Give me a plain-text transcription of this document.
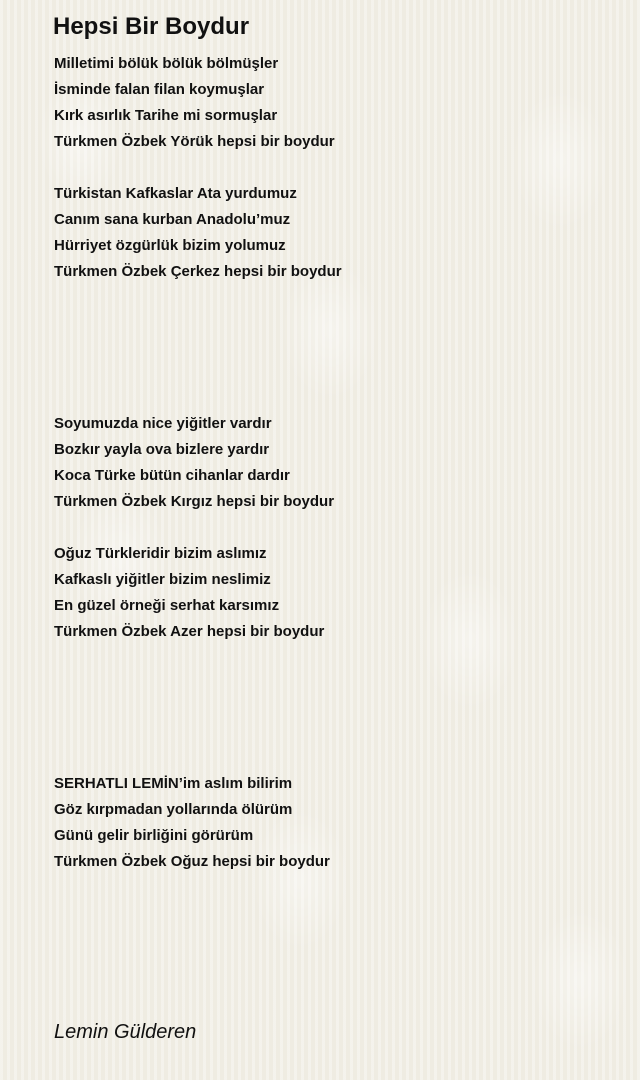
Hepsi Bir Boydur
Milletimi bölük bölük bölmüşler
İsminde falan filan koymuşlar
Kırk asırlık Tarihe mi sormuşlar
Türkmen Özbek Yörük hepsi bir boydur
Türkistan Kafkaslar Ata yurdumuz
Canım sana kurban Anadolu’muz
Hürriyet özgürlük bizim yolumuz
Türkmen Özbek Çerkez hepsi bir boydur
Soyumuzda nice yiğitler vardır
Bozkır yayla ova bizlere yardır
Koca Türke bütün cihanlar dardır
Türkmen Özbek Kırgız hepsi bir boydur
Oğuz Türkleridir bizim aslımız
Kafkaslı yiğitler bizim neslimiz
En güzel örneği serhat karsımız
Türkmen Özbek Azer hepsi bir boydur
SERHATLI LEMİN’im aslım bilirim
Göz kırpmadan yollarında ölürüm
Günü gelir birliğini görürüm
Türkmen Özbek Oğuz hepsi bir boydur
Lemin Gülderen
